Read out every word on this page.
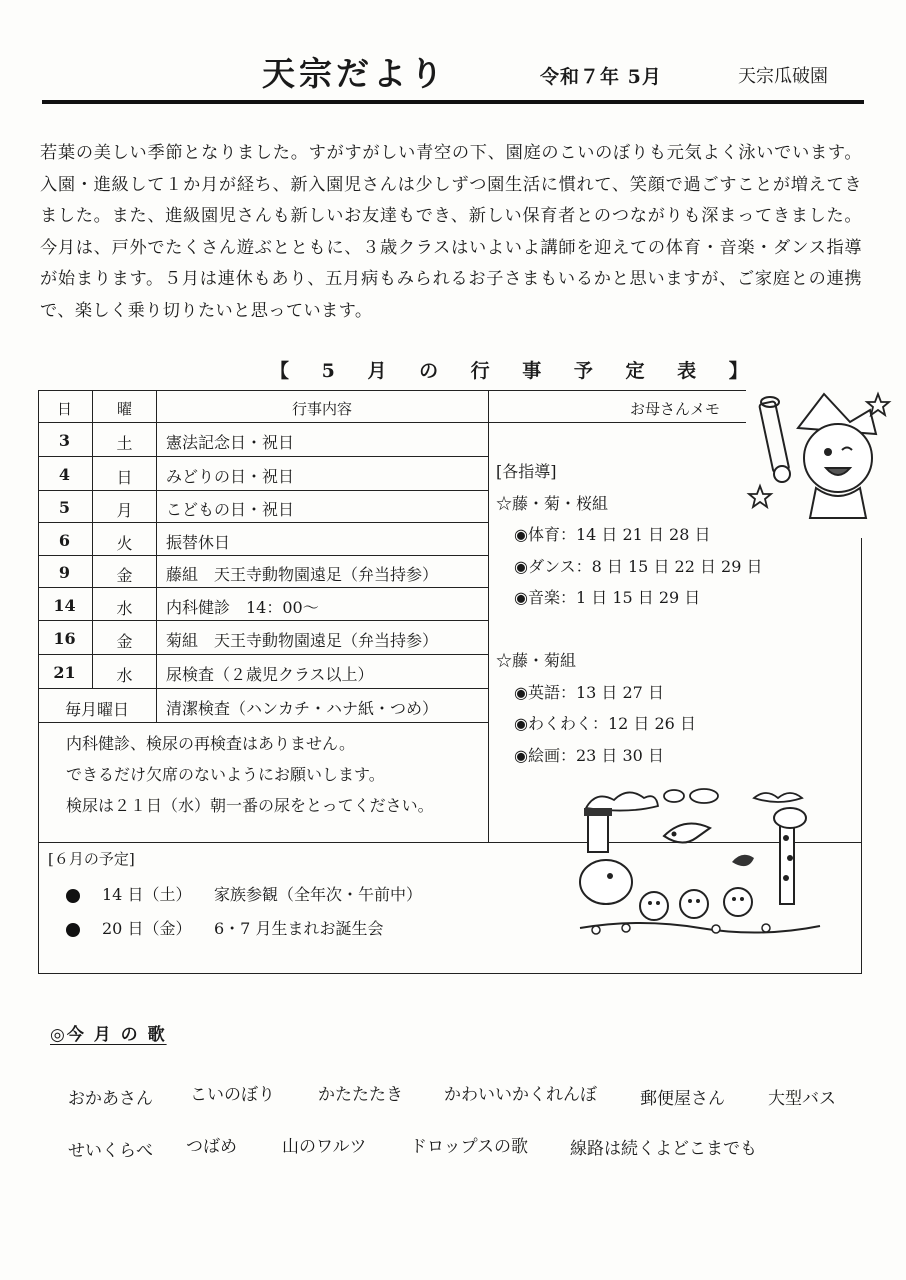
天宗だより	令和７年 5月	天宗瓜破園
若葉の美しい季節となりました。すがすがしい青空の下、園庭のこいのぼりも元気よく泳いでいます。入園・進級して１か月が経ち、新入園児さんは少しずつ園生活に慣れて、笑顔で過ごすことが増えてきました。また、進級園児さんも新しいお友達もでき、新しい保育者とのつながりも深まってきました。今月は、戸外でたくさん遊ぶとともに、３歳クラスはいよいよ講師を迎えての体育・音楽・ダンス指導が始まります。５月は連休もあり、五月病もみられるお子さまもいるかと思いますが、ご家庭との連携で、楽しく乗り切りたいと思っています。
【 5 月 の 行 事 予 定 表 】
日	曜	行事内容	お母さんメモ
3	土	憲法記念日・祝日
4	日	みどりの日・祝日
5	月	こどもの日・祝日
6	火	振替休日
9	金	藤組　天王寺動物園遠足（弁当持参）
14	水	内科健診　14：00～
16	金	菊組　天王寺動物園遠足（弁当持参）
21	水	尿検査（２歳児クラス以上）
毎月曜日	清潔検査（ハンカチ・ハナ紙・つめ）
内科健診、検尿の再検査はありません。
できるだけ欠席のないようにお願いします。
検尿は２１日（水）朝一番の尿をとってください。
[各指導]
☆藤・菊・桜組
◉体育：14 日 21 日 28 日
◉ダンス：8 日 15 日 22 日 29 日
◉音楽：1 日 15 日 29 日
☆藤・菊組
◉英語：13 日 27 日
◉わくわく：12 日 26 日
◉絵画：23 日 30 日
[６月の予定]
14 日（土） 家族参観（全年次・午前中）
20 日（金） 6・7 月生まれお誕生会
◎今 月 の 歌
おかあさん こいのぼり	かたたたき かわいいかくれんぼ	郵便屋さん	大型バス
せいくらべ つばめ	山のワルツ	ドロップスの歌 線路は続くよどこまでも
